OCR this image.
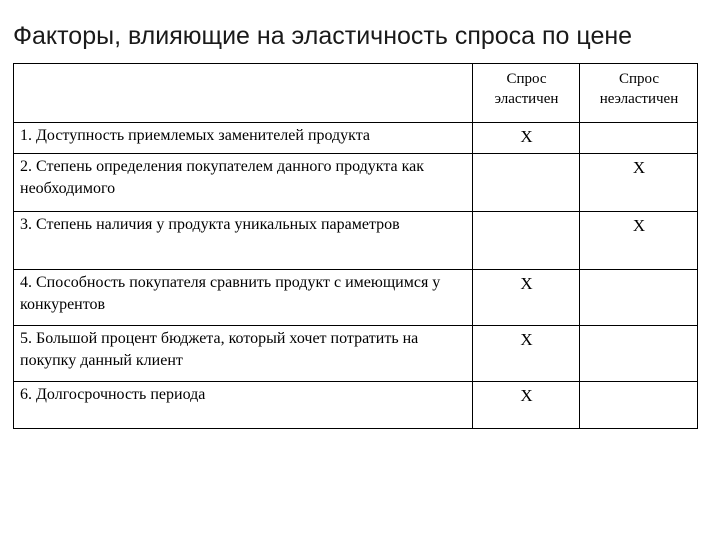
Факторы, влияющие на эластичность спроса по цене
	Спрос эластичен	Спрос неэластичен
1. Доступность приемлемых заменителей продукта	X	
2. Степень определения покупателем данного продукта как необходимого		X
3. Степень наличия у продукта уникальных параметров		X
4. Способность покупателя сравнить продукт с имеющимся у конкурентов	X	
5. Большой процент бюджета, который хочет потратить на покупку данный клиент	X	
6. Долгосрочность периода	X	
